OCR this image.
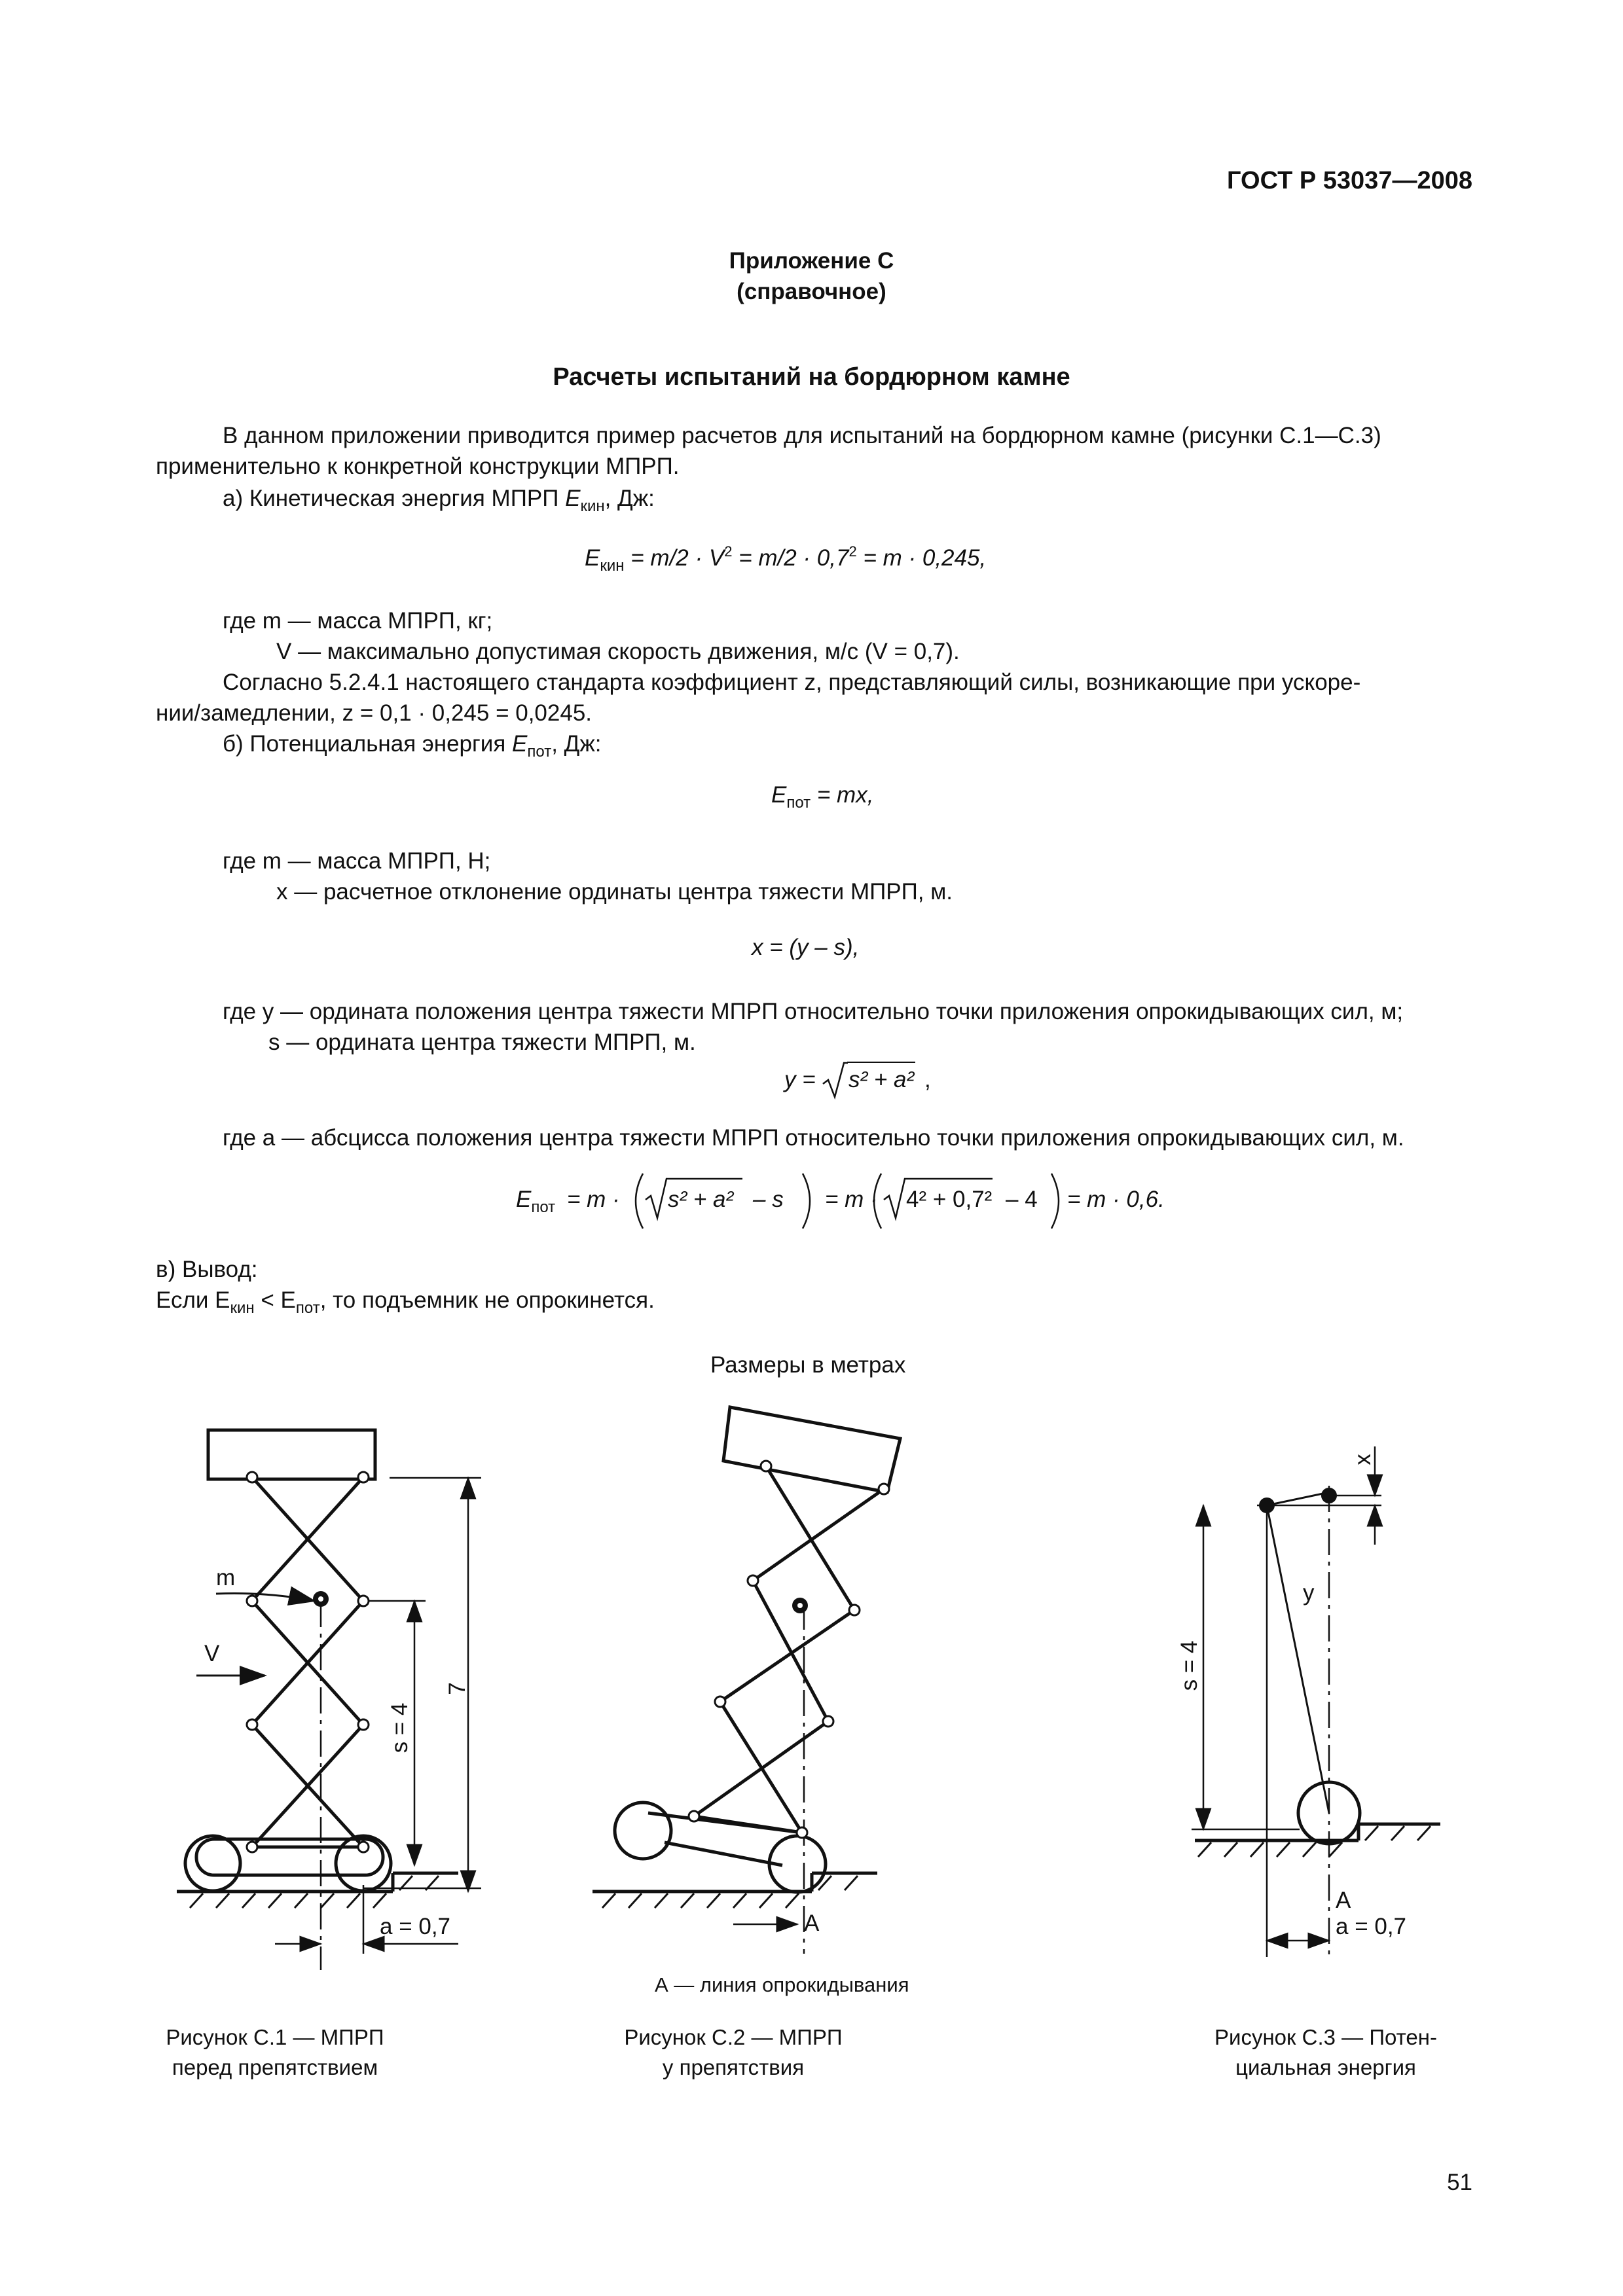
ГОСТ Р 53037—2008
Приложение С
(справочное)
Расчеты испытаний на бордюрном камне
В данном приложении приводится пример расчетов для испытаний на бордюрном камне (рисунки С.1—С.3)
применительно к конкретной конструкции МПРП.
а) Кинетическая энергия МПРП $E_{кин}$, Дж:
$E_{кин} = m/2 \cdot V^2 = m/2 \cdot 0,7^2 = m \cdot 0,245$,
где m — масса МПРП, кг;
V — максимально допустимая скорость движения, м/с (V = 0,7).
Согласно 5.2.4.1 настоящего стандарта коэффициент z, представляющий силы, возникающие при ускоре-
нии/замедлении, z = 0,1 · 0,245 = 0,0245.
б) Потенциальная энергия $E_{пот}$, Дж:
$E_{пот}$ = mx,
где m — масса МПРП, Н;
x — расчетное отклонение ординаты центра тяжести МПРП, м.
x = (y – s),
где y — ордината положения центра тяжести МПРП относительно точки приложения опрокидывающих сил, м;
s — ордината центра тяжести МПРП, м.
y = s² + a² ,
где a — абсцисса положения центра тяжести МПРП относительно точки приложения опрокидывающих сил, м.
$E_{пот} = m \cdot s^2 + a^2 - s = m \cdot 4^2 + 0,7^2 - 4 = m \cdot 0,6$.
в) Вывод:
Если $E_{кин} < E_{пот}$, то подъемник не опрокинется.
Размеры в метрах
m
V
7
s = 4
a = 0,7	A
x
y
s = 4
A
a = 0,7
А — линия опрокидывания
Рисунок С.1 — МПРП
перед препятствием
Рисунок С.2 — МПРП
у препятствия
Рисунок С.3 — Потен-
циальная энергия
51
